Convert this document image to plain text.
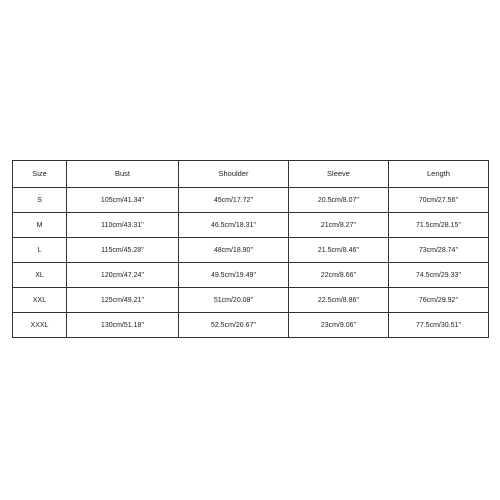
Size	Bust	Shoulder	Sleeve	Length
S	105cm/41.34''	45cm/17.72''	20.5cm/8.07''	70cm/27.56''
M	110cm/43.31''	46.5cm/18.31''	21cm/8.27''	71.5cm/28.15''
L	115cm/45.28''	48cm/18.90''	21.5cm/8.46''	73cm/28.74''
XL	120cm/47.24''	49.5cm/19.49''	22cm/8.66''	74.5cm/29.33''
XXL	125cm/49.21''	51cm/20.08''	22.5cm/8.86''	76cm/29.92''
XXXL	130cm/51.18''	52.5cm/20.67''	23cm/9.06''	77.5cm/30.51''
